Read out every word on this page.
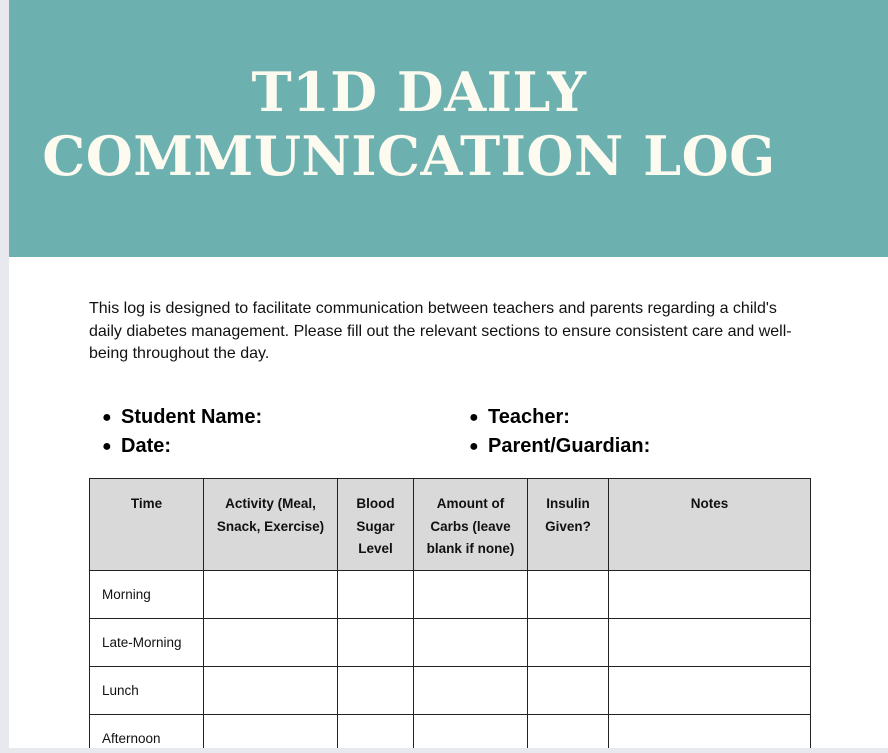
T1D DAILY
COMMUNICATION LOG

This log is designed to facilitate communication between teachers and parents regarding a child's daily diabetes management. Please fill out the relevant sections to ensure consistent care and well-being throughout the day.

● Student Name:
● Date:
● Teacher:
● Parent/Guardian:
Time	Activity (Meal, Snack, Exercise)	Blood Sugar Level	Amount of Carbs (leave blank if none)	Insulin Given?	Notes
Morning					
Late-Morning					
Lunch					
Afternoon					
